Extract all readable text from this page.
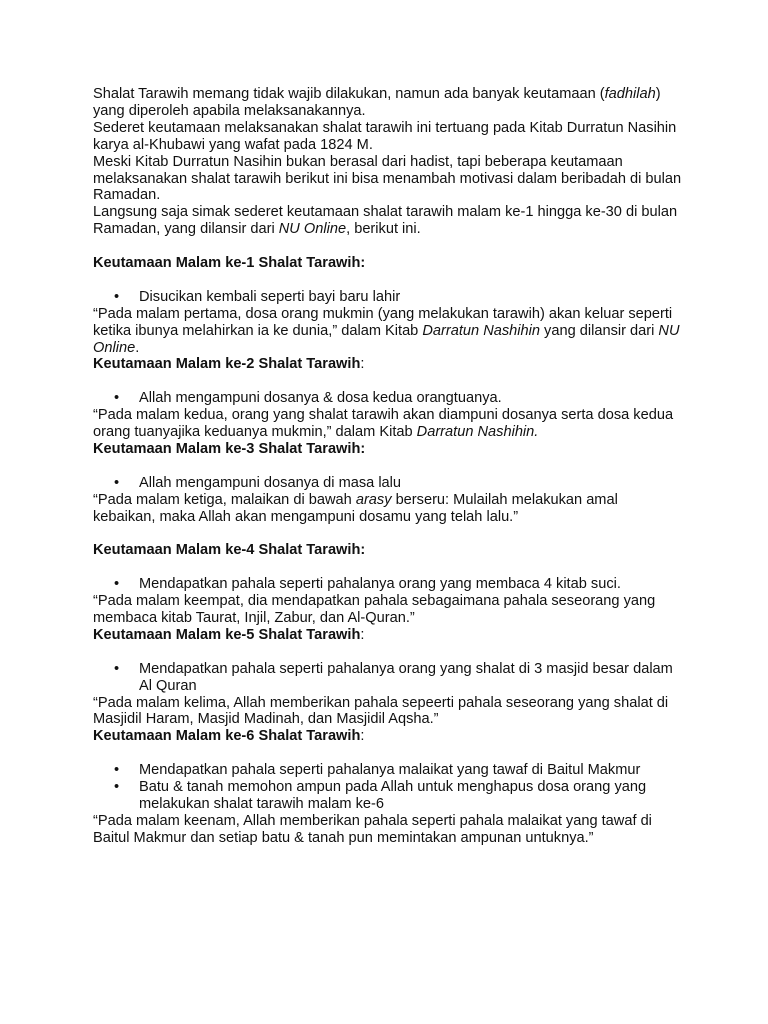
Shalat Tarawih memang tidak wajib dilakukan, namun ada banyak keutamaan (fadhilah) yang diperoleh apabila melaksanakannya.

Sederet keutamaan melaksanakan shalat tarawih ini tertuang pada Kitab Durratun Nasihin karya al-Khubawi yang wafat pada 1824 M.

Meski Kitab Durratun Nasihin bukan berasal dari hadist, tapi beberapa keutamaan melaksanakan shalat tarawih berikut ini bisa menambah motivasi dalam beribadah di bulan Ramadan.

Langsung saja simak sederet keutamaan shalat tarawih malam ke-1 hingga ke-30 di bulan Ramadan, yang dilansir dari NU Online, berikut ini.

Keutamaan Malam ke-1 Shalat Tarawih:

• Disucikan kembali seperti bayi baru lahir

“Pada malam pertama, dosa orang mukmin (yang melakukan tarawih) akan keluar seperti ketika ibunya melahirkan ia ke dunia,” dalam Kitab Darratun Nashihin yang dilansir dari NU Online.

Keutamaan Malam ke-2 Shalat Tarawih:

• Allah mengampuni dosanya & dosa kedua orangtuanya.

“Pada malam kedua, orang yang shalat tarawih akan diampuni dosanya serta dosa kedua orang tuanyajika keduanya mukmin,” dalam Kitab Darratun Nashihin.

Keutamaan Malam ke-3 Shalat Tarawih:

• Allah mengampuni dosanya di masa lalu

“Pada malam ketiga, malaikan di bawah arasy berseru: Mulailah melakukan amal kebaikan, maka Allah akan mengampuni dosamu yang telah lalu.”

Keutamaan Malam ke-4 Shalat Tarawih:

• Mendapatkan pahala seperti pahalanya orang yang membaca 4 kitab suci.

“Pada malam keempat, dia mendapatkan pahala sebagaimana pahala seseorang yang membaca kitab Taurat, Injil, Zabur, dan Al-Quran.”

Keutamaan Malam ke-5 Shalat Tarawih:

• Mendapatkan pahala seperti pahalanya orang yang shalat di 3 masjid besar dalam Al Quran

“Pada malam kelima, Allah memberikan pahala sepeerti pahala seseorang yang shalat di Masjidil Haram, Masjid Madinah, dan Masjidil Aqsha.”

Keutamaan Malam ke-6 Shalat Tarawih:

• Mendapatkan pahala seperti pahalanya malaikat yang tawaf di Baitul Makmur
• Batu & tanah memohon ampun pada Allah untuk menghapus dosa orang yang melakukan shalat tarawih malam ke-6

“Pada malam keenam, Allah memberikan pahala seperti pahala malaikat yang tawaf di Baitul Makmur dan setiap batu & tanah pun memintakan ampunan untuknya.”
